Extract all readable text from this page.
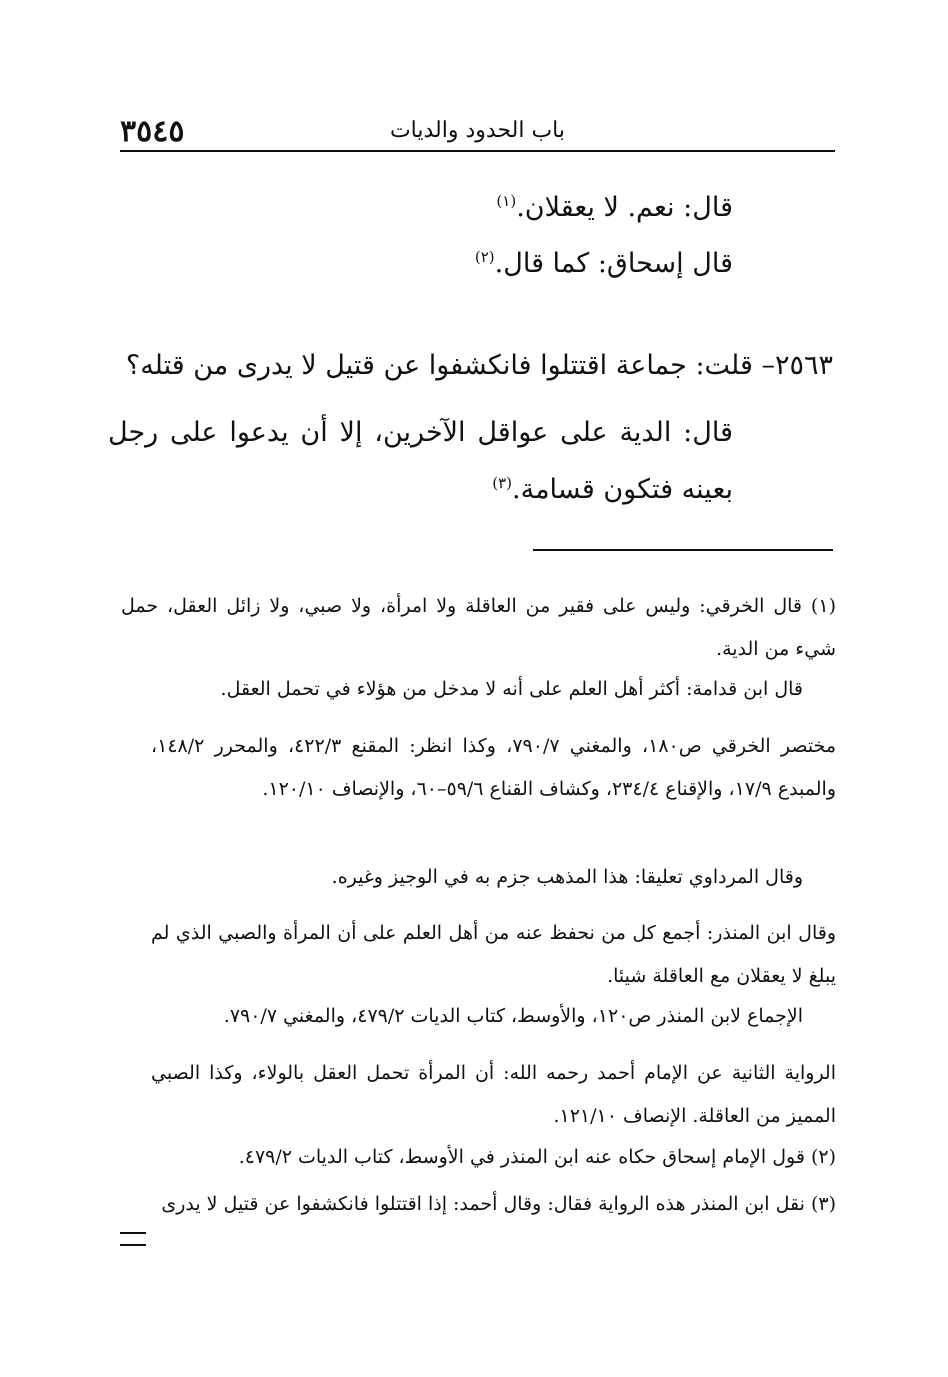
باب الحدود والديات
٣٥٤٥

قال: نعم. لا يعقلان.$^{(١)}$

قال إسحاق: كما قال.$^{(٢)}$

٢٥٦٣– قلت: جماعة اقتتلوا فانكشفوا عن قتيل لا يدرى من قتله؟

قال: الدية على عواقل الآخرين، إلا أن يدعوا على رجل بعينه فتكون قسامة.$^{(٣)}$

(١) قال الخرقي: وليس على فقير من العاقلة ولا امرأة، ولا صبي، ولا زائل العقل، حمل شيء من الدية.

قال ابن قدامة: أكثر أهل العلم على أنه لا مدخل من هؤلاء في تحمل العقل.

مختصر الخرقي ص١٨٠، والمغني ٧٩٠/٧، وكذا انظر: المقنع ٤٢٢/٣، والمحرر ١٤٨/٢، والمبدع ١٧/٩، والإقناع ٢٣٤/٤، وكشاف القناع ٥٩/٦–٦٠، والإنصاف ١٢٠/١٠.

وقال المرداوي تعليقا: هذا المذهب جزم به في الوجيز وغيره.

وقال ابن المنذر: أجمع كل من نحفظ عنه من أهل العلم على أن المرأة والصبي الذي لم يبلغ لا يعقلان مع العاقلة شيئا.

الإجماع لابن المنذر ص١٢٠، والأوسط، كتاب الديات ٤٧٩/٢، والمغني ٧٩٠/٧.

الرواية الثانية عن الإمام أحمد رحمه الله: أن المرأة تحمل العقل بالولاء، وكذا الصبي المميز من العاقلة. الإنصاف ١٢١/١٠.

(٢) قول الإمام إسحاق حكاه عنه ابن المنذر في الأوسط، كتاب الديات ٤٧٩/٢.

(٣) نقل ابن المنذر هذه الرواية فقال: وقال أحمد: إذا اقتتلوا فانكشفوا عن قتيل لا يدرى
